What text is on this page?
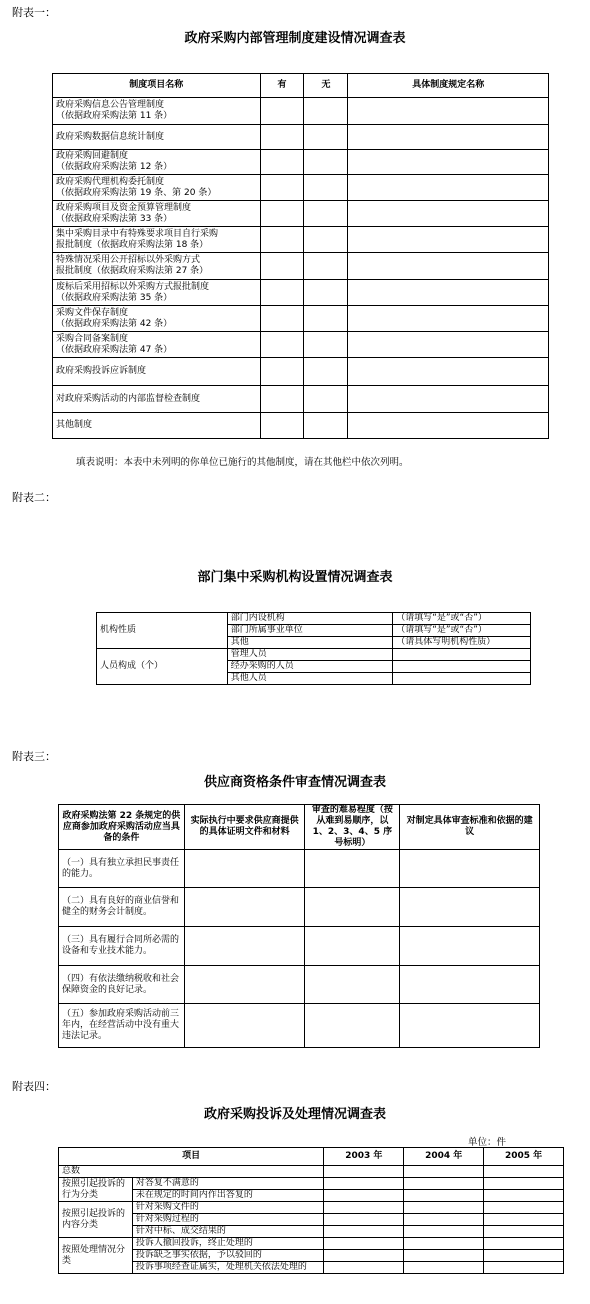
附表一：
政府采购内部管理制度建设情况调查表
制度项目名称	有	无	具体制度规定名称

政府采购信息公告管理制度
（依据政府采购法第 11 条）			

政府采购数据信息统计制度			

政府采购回避制度
（依据政府采购法第 12 条）			

政府采购代理机构委托制度
（依据政府采购法第 19 条、第 20 条）			

政府采购项目及资金预算管理制度
（依据政府采购法第 33 条）			

集中采购目录中有特殊要求项目自行采购
报批制度（依据政府采购法第 18 条）			

特殊情况采用公开招标以外采购方式
报批制度（依据政府采购法第 27 条）			

废标后采用招标以外采购方式报批制度
（依据政府采购法第 35 条）			

采购文件保存制度
（依据政府采购法第 42 条）			

采购合同备案制度
（依据政府采购法第 47 条）			

政府采购投诉应诉制度			

对政府采购活动的内部监督检查制度			

其他制度			

填表说明：本表中未列明的你单位已施行的其他制度，请在其他栏中依次列明。
附表二：
部门集中采购机构设置情况调查表
机构性质	部门内设机构	（请填写“是”或“否”）
	部门所属事业单位	（请填写“是”或“否”）
	其他	（请具体写明机构性质）
人员构成（个）	管理人员	
	经办采购的人员	
	其他人员	
附表三：
供应商资格条件审查情况调查表
政府采购法第 22 条规定的供应商参加政府采购活动应当具备的条件	实际执行中要求供应商提供的具体证明文件和材料	审查的难易程度（按从难到易顺序，以 1、2、3、4、5 序号标明）	对制定具体审查标准和依据的建议
（一）具有独立承担民事责任的能力。			
（二）具有良好的商业信誉和健全的财务会计制度。			
（三）具有履行合同所必需的设备和专业技术能力。			
（四）有依法缴纳税收和社会保障资金的良好记录。			
（五）参加政府采购活动前三年内，在经营活动中没有重大违法记录。			
附表四：
政府采购投诉及处理情况调查表
单位：件
项目		2003 年	2004 年	2005 年
总数				
按照引起投诉的行为分类	对答复不满意的			
	未在规定的时间内作出答复的			
按照引起投诉的内容分类	针对采购文件的			
	针对采购过程的			
	针对中标、成交结果的			
按照处理情况分类	投诉人撤回投诉，终止处理的			
	投诉缺乏事实依据，予以驳回的			
	投诉事项经查证属实，处理机关依法处理的			
